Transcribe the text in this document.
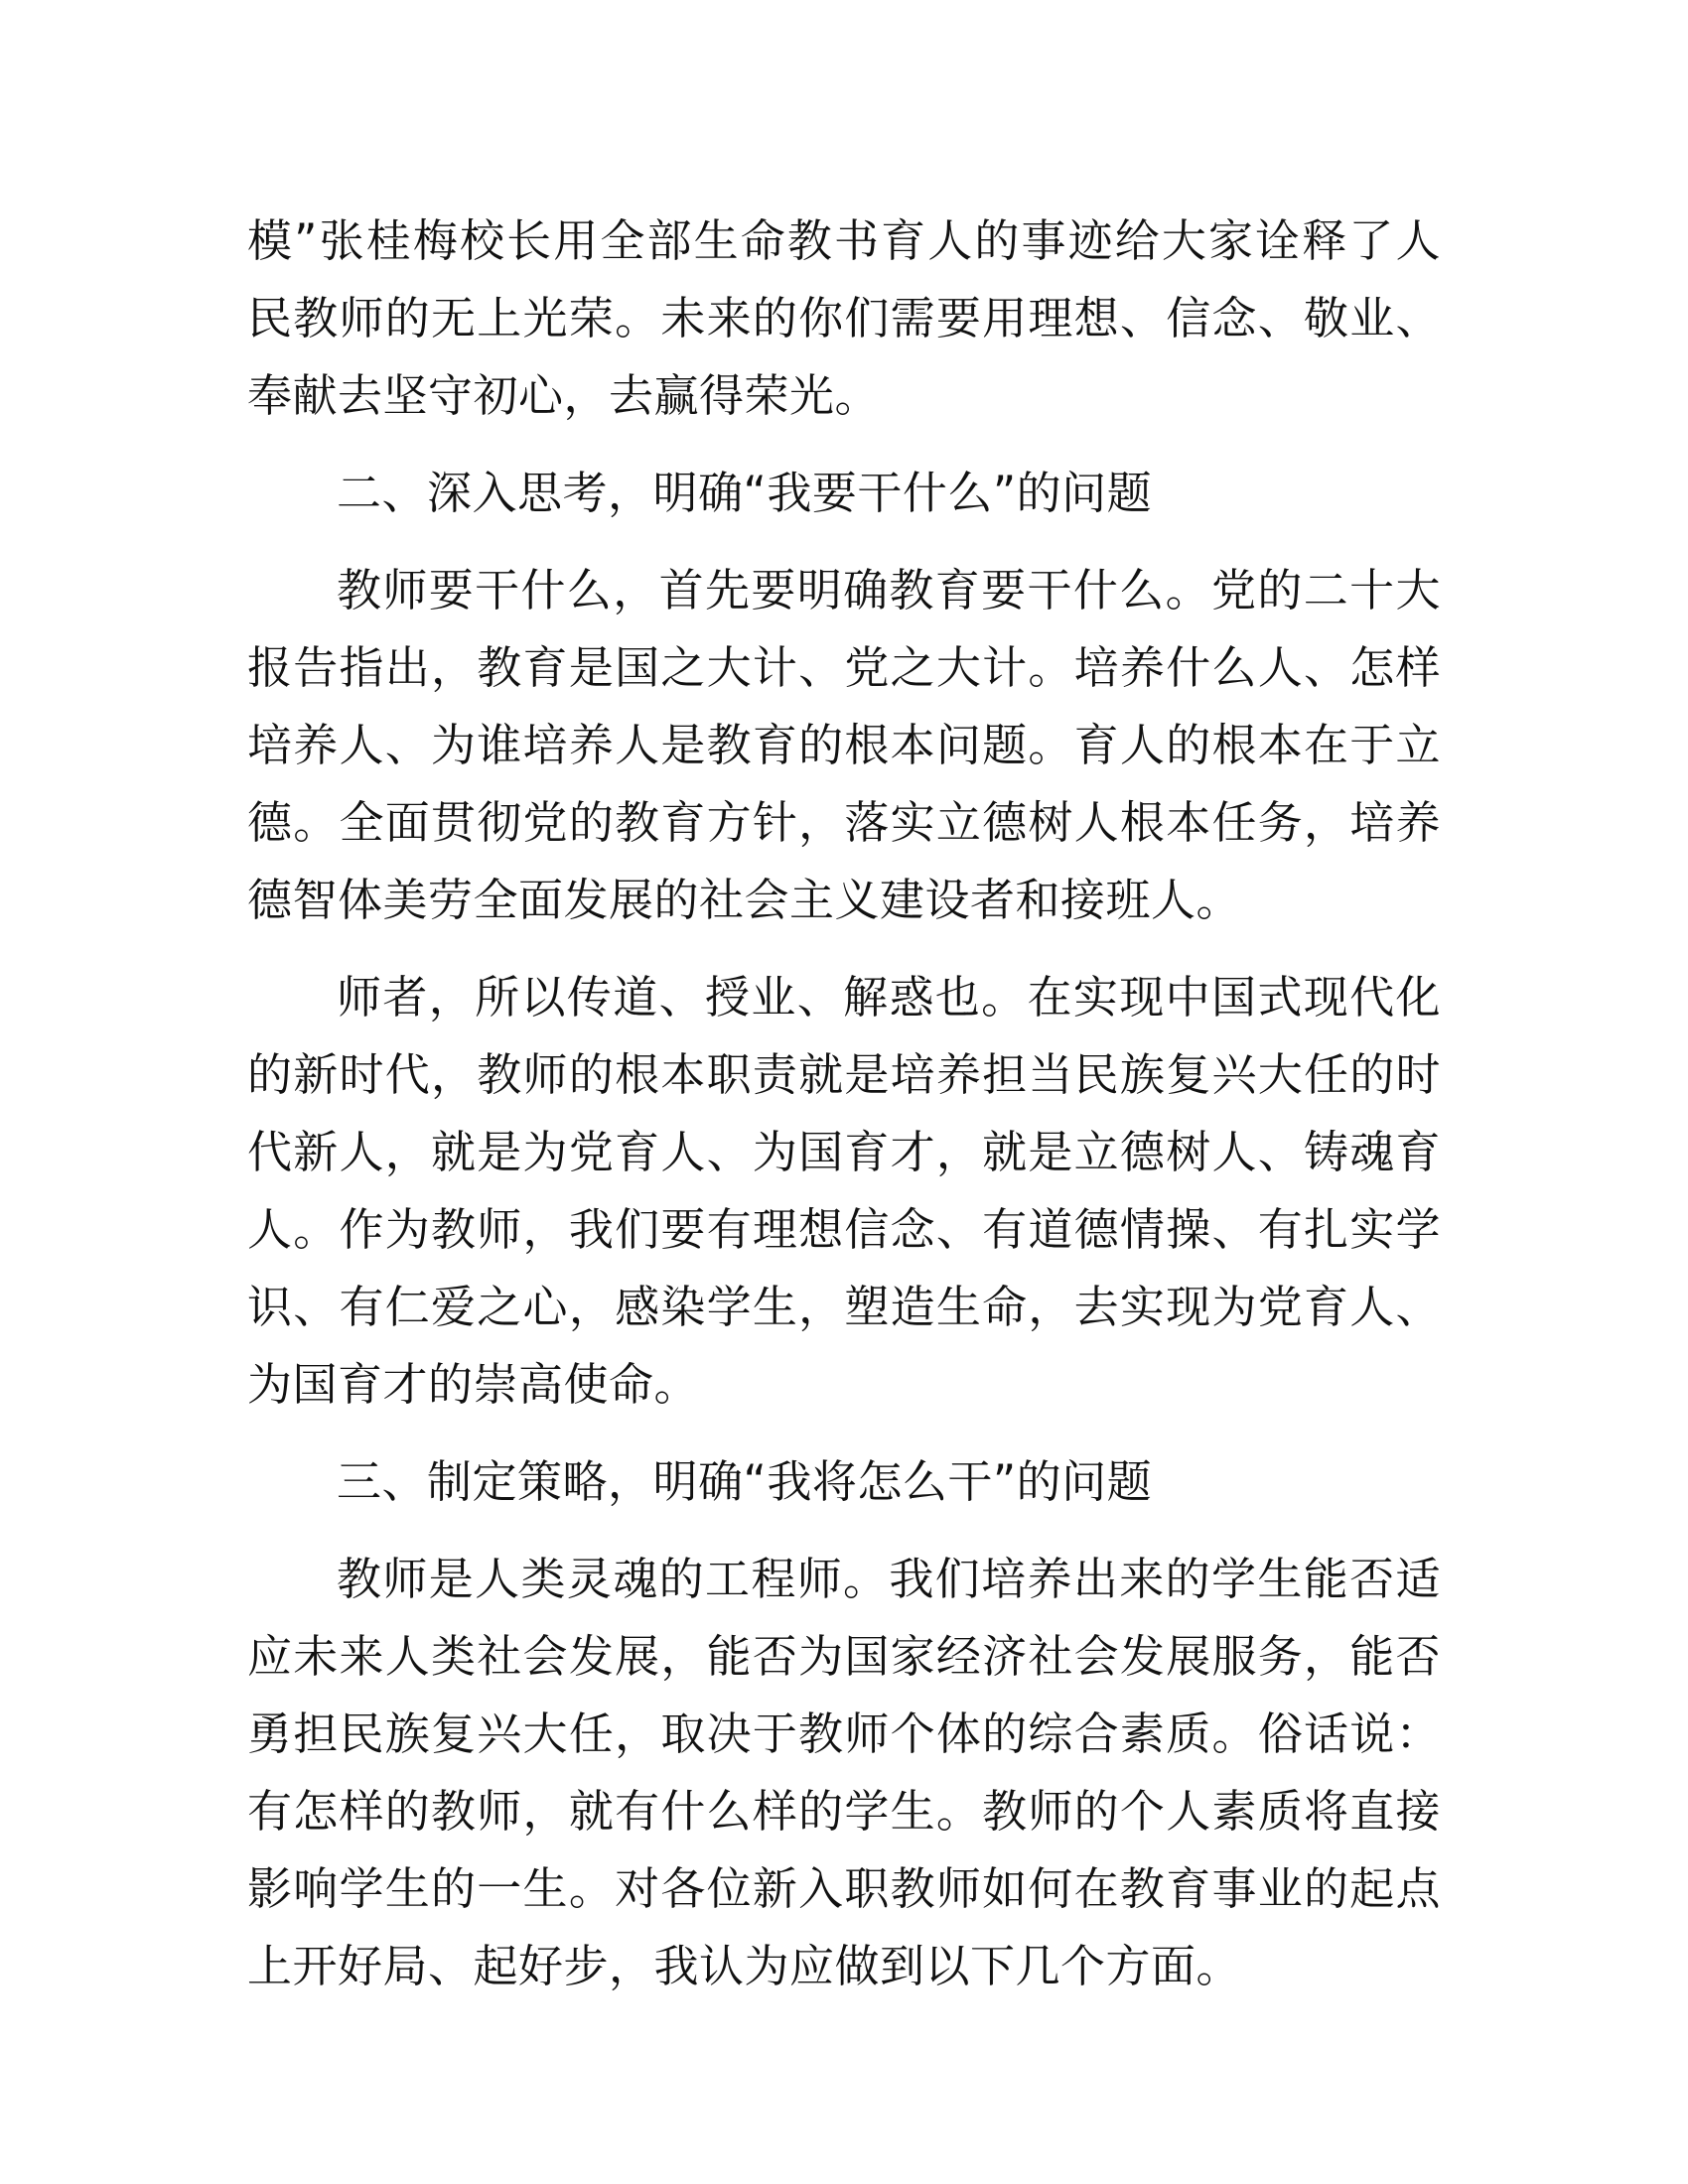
模”张桂梅校长用全部生命教书育人的事迹给大家诠释了人民教师的无上光荣。未来的你们需要用理想、信念、敬业、奉献去坚守初心，去赢得荣光。

二、深入思考，明确“我要干什么”的问题

教师要干什么，首先要明确教育要干什么。党的二十大报告指出，教育是国之大计、党之大计。培养什么人、怎样培养人、为谁培养人是教育的根本问题。育人的根本在于立德。全面贯彻党的教育方针，落实立德树人根本任务，培养德智体美劳全面发展的社会主义建设者和接班人。

师者，所以传道、授业、解惑也。在实现中国式现代化的新时代，教师的根本职责就是培养担当民族复兴大任的时代新人，就是为党育人、为国育才，就是立德树人、铸魂育人。作为教师，我们要有理想信念、有道德情操、有扎实学识、有仁爱之心，感染学生，塑造生命，去实现为党育人、为国育才的崇高使命。

三、制定策略，明确“我将怎么干”的问题

教师是人类灵魂的工程师。我们培养出来的学生能否适应未来人类社会发展，能否为国家经济社会发展服务，能否勇担民族复兴大任，取决于教师个体的综合素质。俗话说：有怎样的教师，就有什么样的学生。教师的个人素质将直接影响学生的一生。对各位新入职教师如何在教育事业的起点上开好局、起好步，我认为应做到以下几个方面。
